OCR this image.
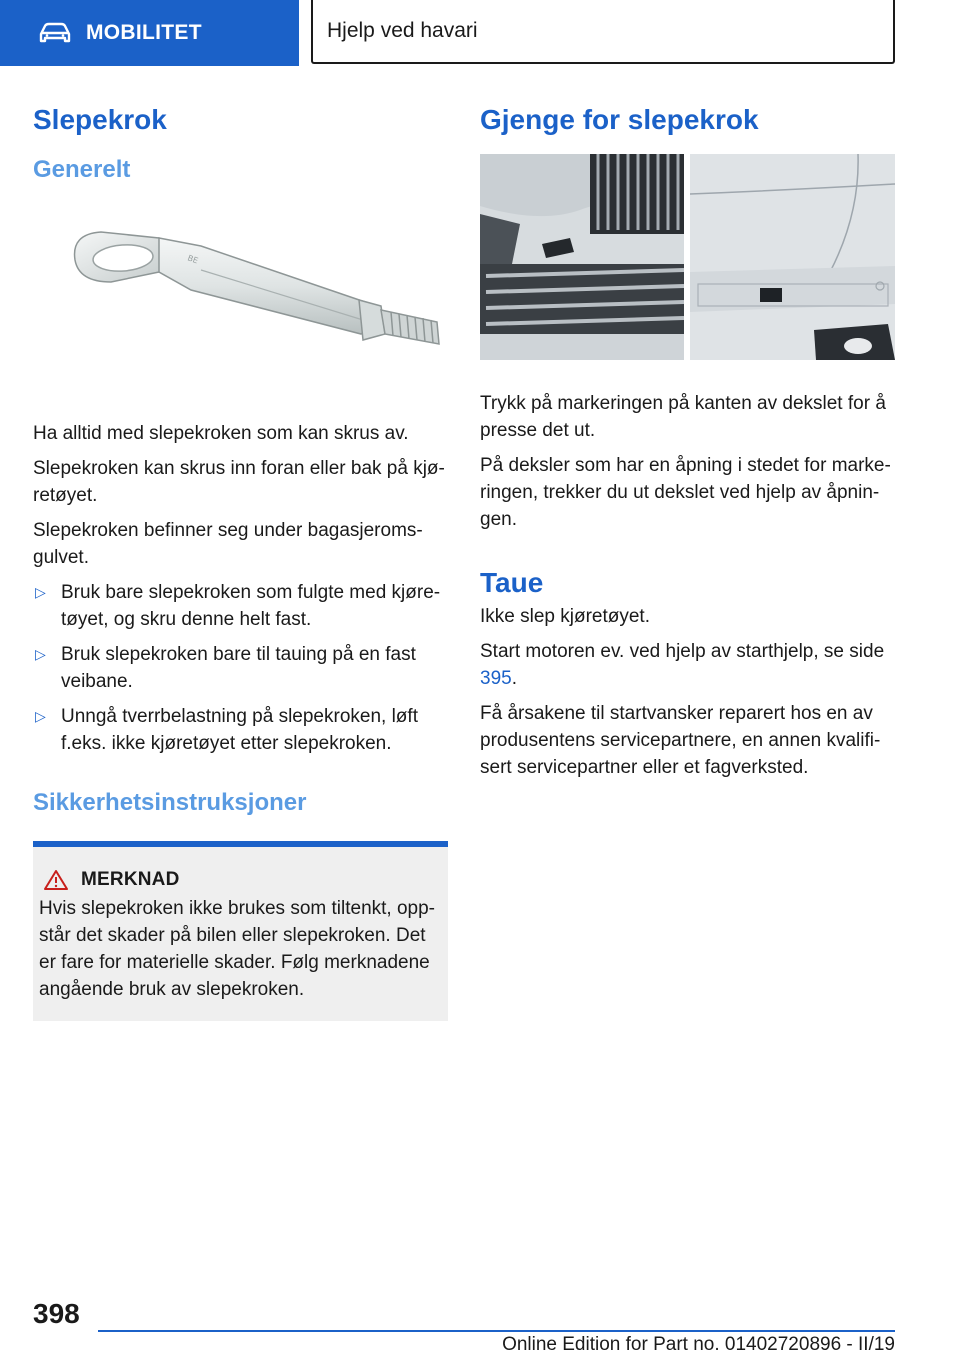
MOBILITET	Hjelp ved havari
Slepekrok
Generelt
BE

Ha alltid med slepekroken som kan skrus av.

Slepekroken kan skrus inn foran eller bak på kjø‐retøyet.

Slepekroken befinner seg under bagasjeroms‐gulvet.

▷ Bruk bare slepekroken som fulgte med kjøre‐tøyet, og skru denne helt fast.
▷ Bruk slepekroken bare til tauing på en fast veibane.
▷ Unngå tverrbelastning på slepekroken, løft f.eks. ikke kjøretøyet etter slepekroken.
Sikkerhetsinstruksjoner
MERKNAD

Hvis slepekroken ikke brukes som tiltenkt, opp‐står det skader på bilen eller slepekroken. Det er fare for materielle skader. Følg merknadene angående bruk av slepekroken.

Gjenge for slepekrok

Trykk på markeringen på kanten av dekslet for å presse det ut.

På deksler som har en åpning i stedet for marke‐ringen, trekker du ut dekslet ved hjelp av åpnin‐gen.

Taue

Ikke slep kjøretøyet.

Start motoren ev. ved hjelp av starthjelp, se side 395.

Få årsakene til startvansker reparert hos en av produsentens servicepartnere, en annen kvalifi‐sert servicepartner eller et fagverksted.

398
Online Edition for Part no. 01402720896 - II/19
